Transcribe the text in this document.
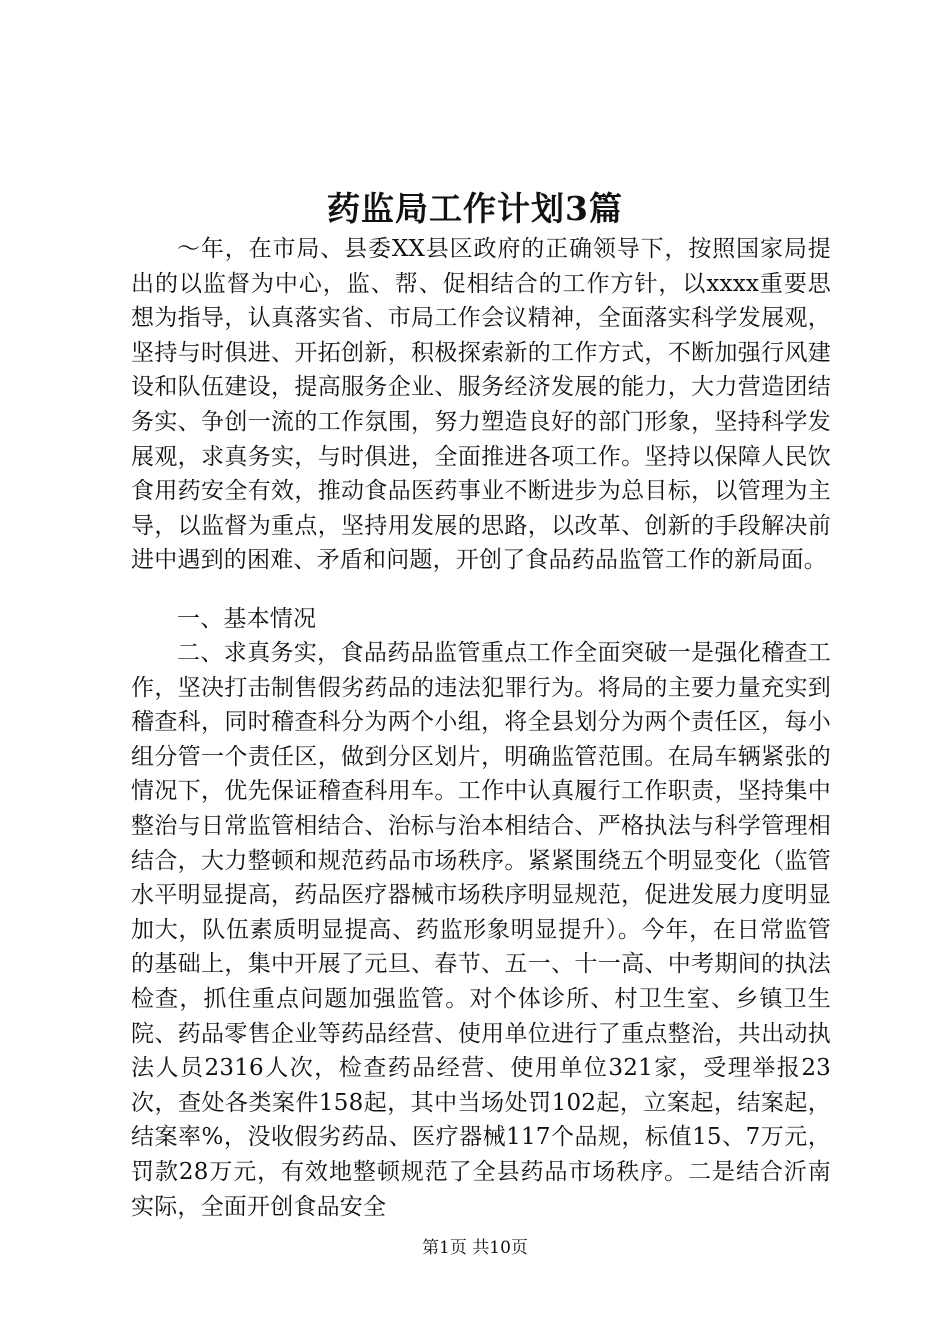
药监局工作计划3篇

～年，在市局、县委XX县区政府的正确领导下，按照国家局提出的以监督为中心，监、帮、促相结合的工作方针，以xxxx重要思想为指导，认真落实省、市局工作会议精神，全面落实科学发展观，坚持与时俱进、开拓创新，积极探索新的工作方式，不断加强行风建设和队伍建设，提高服务企业、服务经济发展的能力，大力营造团结务实、争创一流的工作氛围，努力塑造良好的部门形象，坚持科学发展观，求真务实，与时俱进，全面推进各项工作。坚持以保障人民饮食用药安全有效，推动食品医药事业不断进步为总目标，以管理为主导，以监督为重点，坚持用发展的思路，以改革、创新的手段解决前进中遇到的困难、矛盾和问题，开创了食品药品监管工作的新局面。

一、基本情况

二、求真务实，食品药品监管重点工作全面突破一是强化稽查工作，坚决打击制售假劣药品的违法犯罪行为。将局的主要力量充实到稽查科，同时稽查科分为两个小组，将全县划分为两个责任区，每小组分管一个责任区，做到分区划片，明确监管范围。在局车辆紧张的情况下，优先保证稽查科用车。工作中认真履行工作职责，坚持集中整治与日常监管相结合、治标与治本相结合、严格执法与科学管理相结合，大力整顿和规范药品市场秩序。紧紧围绕五个明显变化（监管水平明显提高，药品医疗器械市场秩序明显规范，促进发展力度明显加大，队伍素质明显提高、药监形象明显提升）。今年，在日常监管的基础上，集中开展了元旦、春节、五一、十一高、中考期间的执法检查，抓住重点问题加强监管。对个体诊所、村卫生室、乡镇卫生院、药品零售企业等药品经营、使用单位进行了重点整治，共出动执法人员2316人次，检查药品经营、使用单位321家，受理举报23次，查处各类案件158起，其中当场处罚102起，立案起，结案起，结案率%，没收假劣药品、医疗器械117个品规，标值15、7万元，罚款28万元，有效地整顿规范了全县药品市场秩序。二是结合沂南实际，全面开创食品安全

第1页 共10页
